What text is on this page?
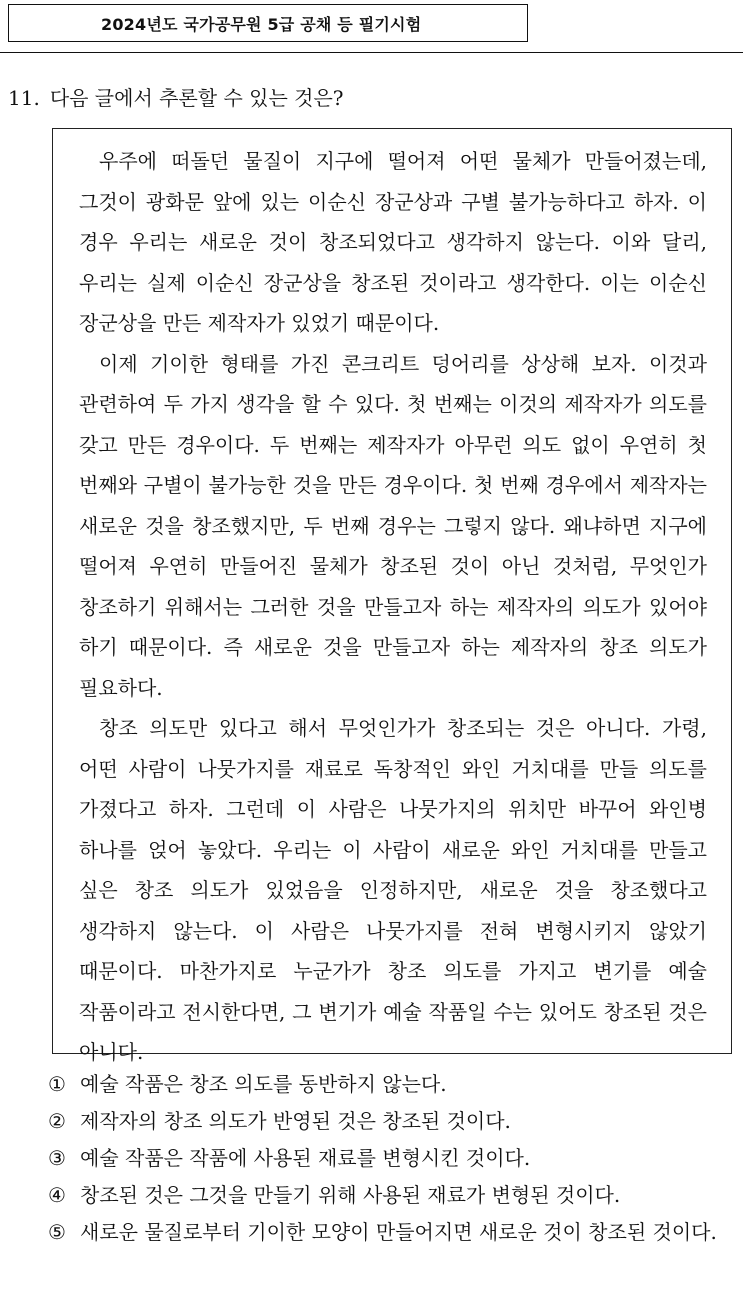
2024년도 국가공무원 5급 공채 등 필기시험
11. 다음 글에서 추론할 수 있는 것은?

우주에 떠돌던 물질이 지구에 떨어져 어떤 물체가 만들어졌는데, 그것이 광화문 앞에 있는 이순신 장군상과 구별 불가능하다고 하자. 이 경우 우리는 새로운 것이 창조되었다고 생각하지 않는다. 이와 달리, 우리는 실제 이순신 장군상을 창조된 것이라고 생각한다. 이는 이순신 장군상을 만든 제작자가 있었기 때문이다.

이제 기이한 형태를 가진 콘크리트 덩어리를 상상해 보자. 이것과 관련하여 두 가지 생각을 할 수 있다. 첫 번째는 이것의 제작자가 의도를 갖고 만든 경우이다. 두 번째는 제작자가 아무런 의도 없이 우연히 첫 번째와 구별이 불가능한 것을 만든 경우이다. 첫 번째 경우에서 제작자는 새로운 것을 창조했지만, 두 번째 경우는 그렇지 않다. 왜냐하면 지구에 떨어져 우연히 만들어진 물체가 창조된 것이 아닌 것처럼, 무엇인가 창조하기 위해서는 그러한 것을 만들고자 하는 제작자의 의도가 있어야 하기 때문이다. 즉 새로운 것을 만들고자 하는 제작자의 창조 의도가 필요하다.

창조 의도만 있다고 해서 무엇인가가 창조되는 것은 아니다. 가령, 어떤 사람이 나뭇가지를 재료로 독창적인 와인 거치대를 만들 의도를 가졌다고 하자. 그런데 이 사람은 나뭇가지의 위치만 바꾸어 와인병 하나를 얹어 놓았다. 우리는 이 사람이 새로운 와인 거치대를 만들고 싶은 창조 의도가 있었음을 인정하지만, 새로운 것을 창조했다고 생각하지 않는다. 이 사람은 나뭇가지를 전혀 변형시키지 않았기 때문이다. 마찬가지로 누군가가 창조 의도를 가지고 변기를 예술 작품이라고 전시한다면, 그 변기가 예술 작품일 수는 있어도 창조된 것은 아니다.

① 예술 작품은 창조 의도를 동반하지 않는다.
② 제작자의 창조 의도가 반영된 것은 창조된 것이다.
③ 예술 작품은 작품에 사용된 재료를 변형시킨 것이다.
④ 창조된 것은 그것을 만들기 위해 사용된 재료가 변형된 것이다.
⑤ 새로운 물질로부터 기이한 모양이 만들어지면 새로운 것이 창조된 것이다.
